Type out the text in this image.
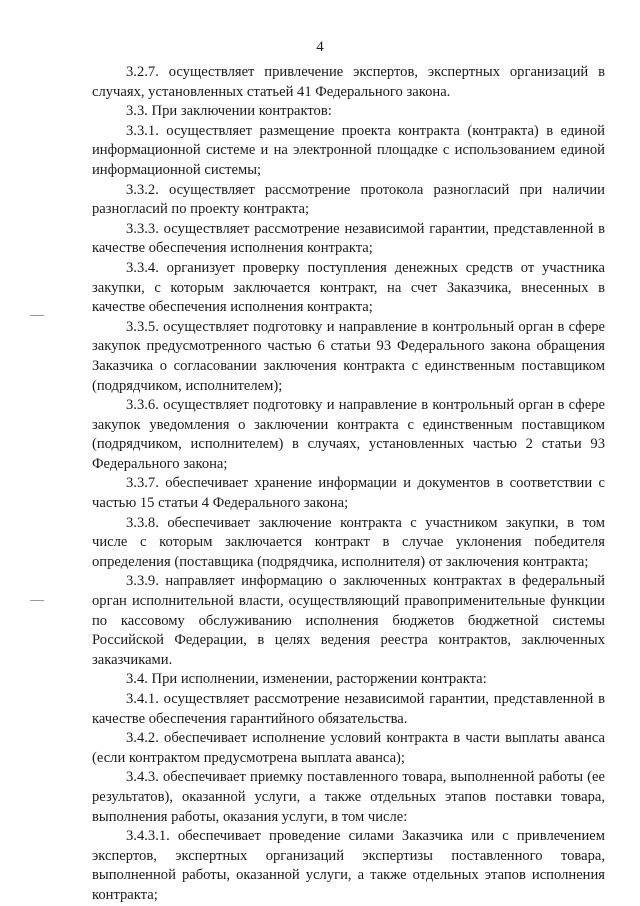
4

3.2.7. осуществляет привлечение экспертов, экспертных организаций в случаях, установленных статьей 41 Федерального закона.

3.3. При заключении контрактов:

3.3.1. осуществляет размещение проекта контракта (контракта) в единой информационной системе и на электронной площадке с использованием единой информационной системы;

3.3.2. осуществляет рассмотрение протокола разногласий при наличии разногласий по проекту контракта;

3.3.3. осуществляет рассмотрение независимой гарантии, представленной в качестве обеспечения исполнения контракта;

3.3.4. организует проверку поступления денежных средств от участника закупки, с которым заключается контракт, на счет Заказчика, внесенных в качестве обеспечения исполнения контракта;

3.3.5. осуществляет подготовку и направление в контрольный орган в сфере закупок предусмотренного частью 6 статьи 93 Федерального закона обращения Заказчика о согласовании заключения контракта с единственным поставщиком (подрядчиком, исполнителем);

3.3.6. осуществляет подготовку и направление в контрольный орган в сфере закупок уведомления о заключении контракта с единственным поставщиком (подрядчиком, исполнителем) в случаях, установленных частью 2 статьи 93 Федерального закона;

3.3.7. обеспечивает хранение информации и документов в соответствии с частью 15 статьи 4 Федерального закона;

3.3.8. обеспечивает заключение контракта с участником закупки, в том числе с которым заключается контракт в случае уклонения победителя определения (поставщика (подрядчика, исполнителя) от заключения контракта;

3.3.9. направляет информацию о заключенных контрактах в федеральный орган исполнительной власти, осуществляющий правоприменительные функции по кассовому обслуживанию исполнения бюджетов бюджетной системы Российской Федерации, в целях ведения реестра контрактов, заключенных заказчиками.

3.4. При исполнении, изменении, расторжении контракта:

3.4.1. осуществляет рассмотрение независимой гарантии, представленной в качестве обеспечения гарантийного обязательства.

3.4.2. обеспечивает исполнение условий контракта в части выплаты аванса (если контрактом предусмотрена выплата аванса);

3.4.3. обеспечивает приемку поставленного товара, выполненной работы (ее результатов), оказанной услуги, а также отдельных этапов поставки товара, выполнения работы, оказания услуги, в том числе:

3.4.3.1. обеспечивает проведение силами Заказчика или с привлечением экспертов, экспертных организаций экспертизы поставленного товара, выполненной работы, оказанной услуги, а также отдельных этапов исполнения контракта;
